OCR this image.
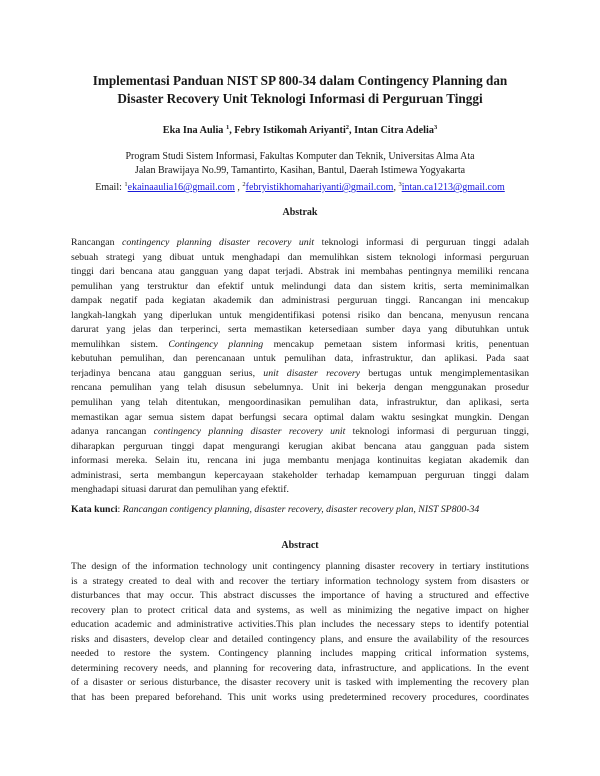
Implementasi Panduan NIST SP 800-34 dalam Contingency Planning dan
Disaster Recovery Unit Teknologi Informasi di Perguruan Tinggi
Eka Ina Aulia $^1$, Febry Istikomah Ariyanti$^2$, Intan Citra Adelia$^3$
Program Studi Sistem Informasi, Fakultas Komputer dan Teknik, Universitas Alma Ata
Jalan Brawijaya No.99, Tamantirto, Kasihan, Bantul, Daerah Istimewa Yogyakarta
Email: $^1$ekainaaulia16@gmail.com , $^2$febryistikhomahariyanti@gmail.com, $^3$intan.ca1213@gmail.com
Abstrak
Rancangan contingency planning disaster recovery unit teknologi informasi di perguruan tinggi adalah
sebuah strategi yang dibuat untuk menghadapi dan memulihkan sistem teknologi informasi perguruan
tinggi dari bencana atau gangguan yang dapat terjadi. Abstrak ini membahas pentingnya memiliki rencana
pemulihan yang terstruktur dan efektif untuk melindungi data dan sistem kritis, serta meminimalkan
dampak negatif pada kegiatan akademik dan administrasi perguruan tinggi. Rancangan ini mencakup
langkah-langkah yang diperlukan untuk mengidentifikasi potensi risiko dan bencana, menyusun rencana
darurat yang jelas dan terperinci, serta memastikan ketersediaan sumber daya yang dibutuhkan untuk
memulihkan sistem. Contingency planning mencakup pemetaan sistem informasi kritis, penentuan
kebutuhan pemulihan, dan perencanaan untuk pemulihan data, infrastruktur, dan aplikasi. Pada saat
terjadinya bencana atau gangguan serius, unit disaster recovery bertugas untuk mengimplementasikan
rencana pemulihan yang telah disusun sebelumnya. Unit ini bekerja dengan menggunakan prosedur
pemulihan yang telah ditentukan, mengoordinasikan pemulihan data, infrastruktur, dan aplikasi, serta
memastikan agar semua sistem dapat berfungsi secara optimal dalam waktu sesingkat mungkin. Dengan
adanya rancangan contingency planning disaster recovery unit teknologi informasi di perguruan tinggi,
diharapkan perguruan tinggi dapat mengurangi kerugian akibat bencana atau gangguan pada sistem
informasi mereka. Selain itu, rencana ini juga membantu menjaga kontinuitas kegiatan akademik dan
administrasi, serta membangun kepercayaan stakeholder terhadap kemampuan perguruan tinggi dalam
menghadapi situasi darurat dan pemulihan yang efektif.
Kata kunci: Rancangan contigency planning, disaster recovery, disaster recovery plan, NIST SP800-34
Abstract
The design of the information technology unit contingency planning disaster recovery in tertiary institutions
is a strategy created to deal with and recover the tertiary information technology system from disasters or
disturbances that may occur. This abstract discusses the importance of having a structured and effective
recovery plan to protect critical data and systems, as well as minimizing the negative impact on higher
education academic and administrative activities.This plan includes the necessary steps to identify potential
risks and disasters, develop clear and detailed contingency plans, and ensure the availability of the resources
needed to restore the system. Contingency planning includes mapping critical information systems,
determining recovery needs, and planning for recovering data, infrastructure, and applications. In the event
of a disaster or serious disturbance, the disaster recovery unit is tasked with implementing the recovery plan
that has been prepared beforehand. This unit works using predetermined recovery procedures, coordinates
